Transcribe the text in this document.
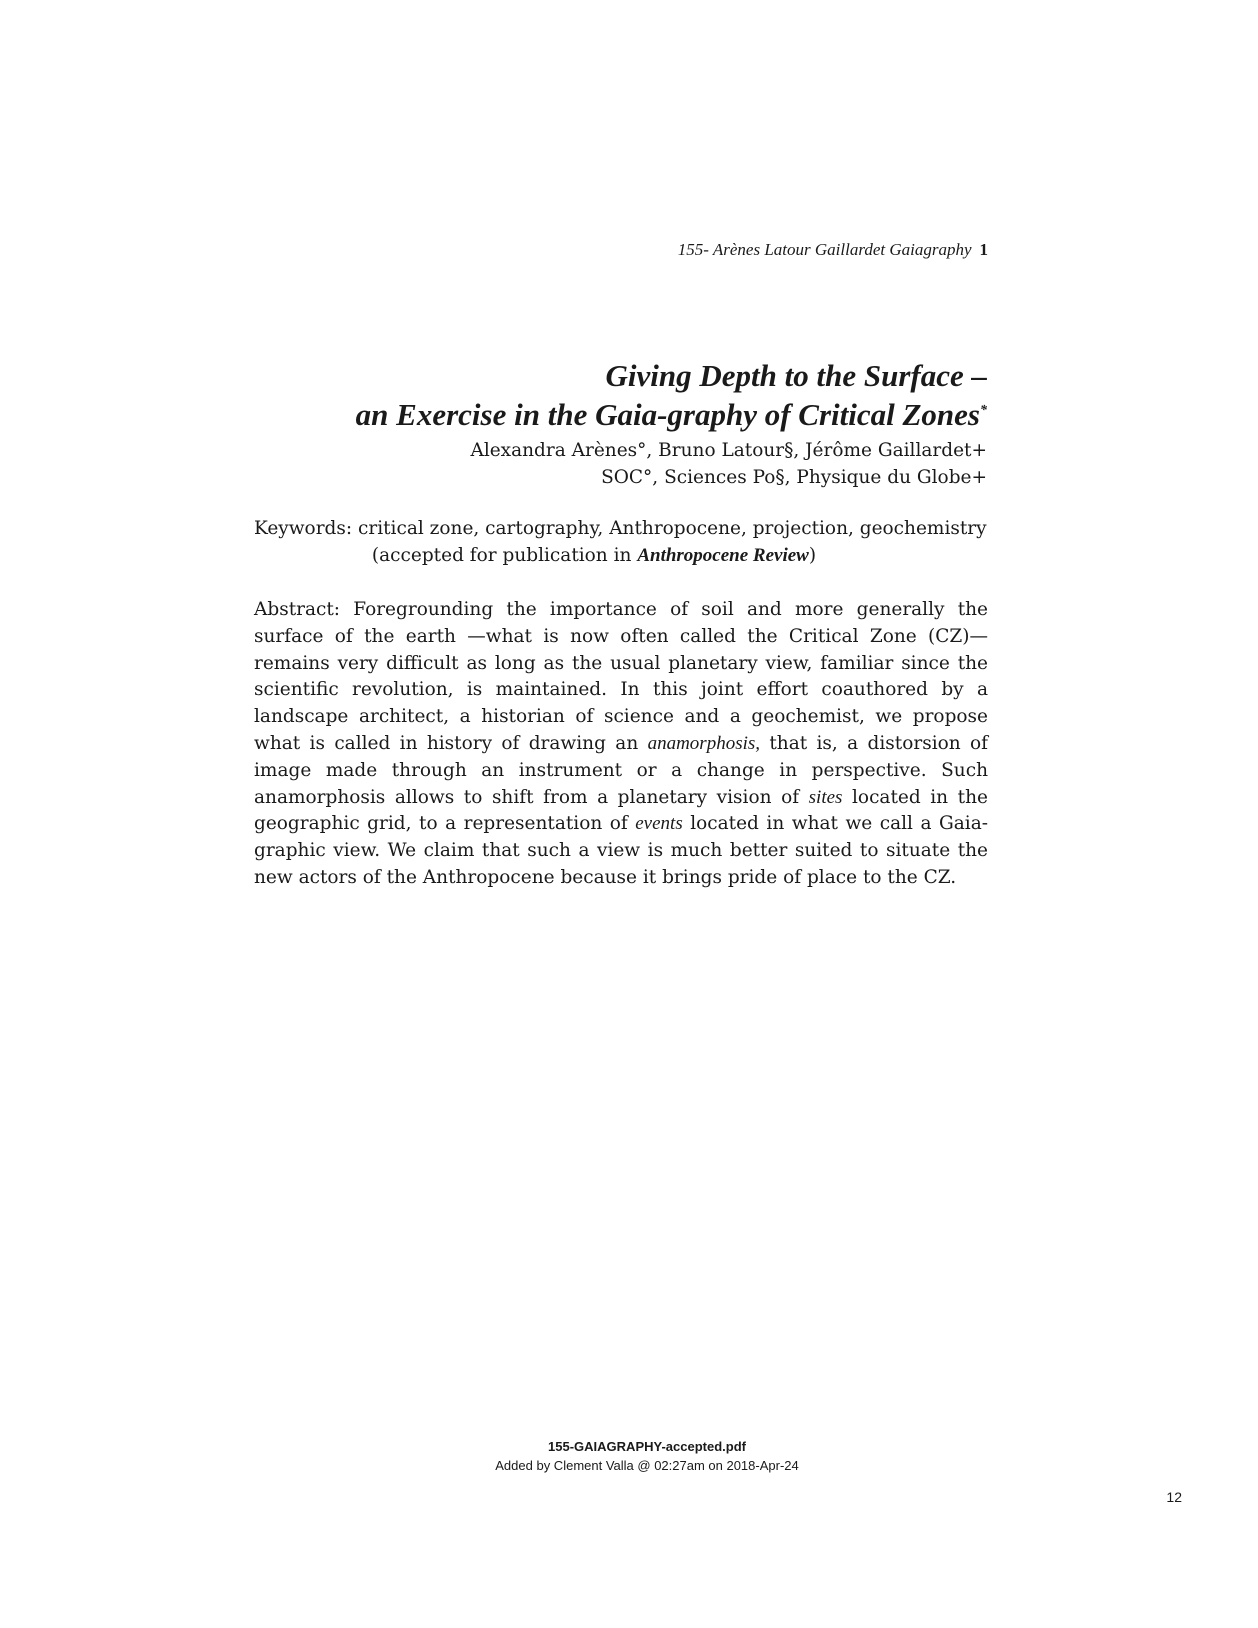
155- Arènes Latour Gaillardet Gaiagraphy 1
Giving Depth to the Surface –
an Exercise in the Gaia-graphy of Critical Zones*
Alexandra Arènes°, Bruno Latour§, Jérôme Gaillardet+
SOC°, Sciences Po§, Physique du Globe+
Keywords: critical zone, cartography, Anthropocene, projection, geochemistry
(accepted for publication in Anthropocene Review)
Abstract: Foregrounding the importance of soil and more generally the surface of the earth —what is now often called the Critical Zone (CZ)— remains very difficult as long as the usual planetary view, familiar since the scientific revolution, is maintained. In this joint effort coauthored by a landscape architect, a historian of science and a geochemist, we propose what is called in history of drawing an anamorphosis, that is, a distorsion of image made through an instrument or a change in perspective. Such anamorphosis allows to shift from a planetary vision of sites located in the geographic grid, to a representation of events located in what we call a Gaia-graphic view. We claim that such a view is much better suited to situate the new actors of the Anthropocene because it brings pride of place to the CZ.
155-GAIAGRAPHY-accepted.pdf
Added by Clement Valla @ 02:27am on 2018-Apr-24
12
